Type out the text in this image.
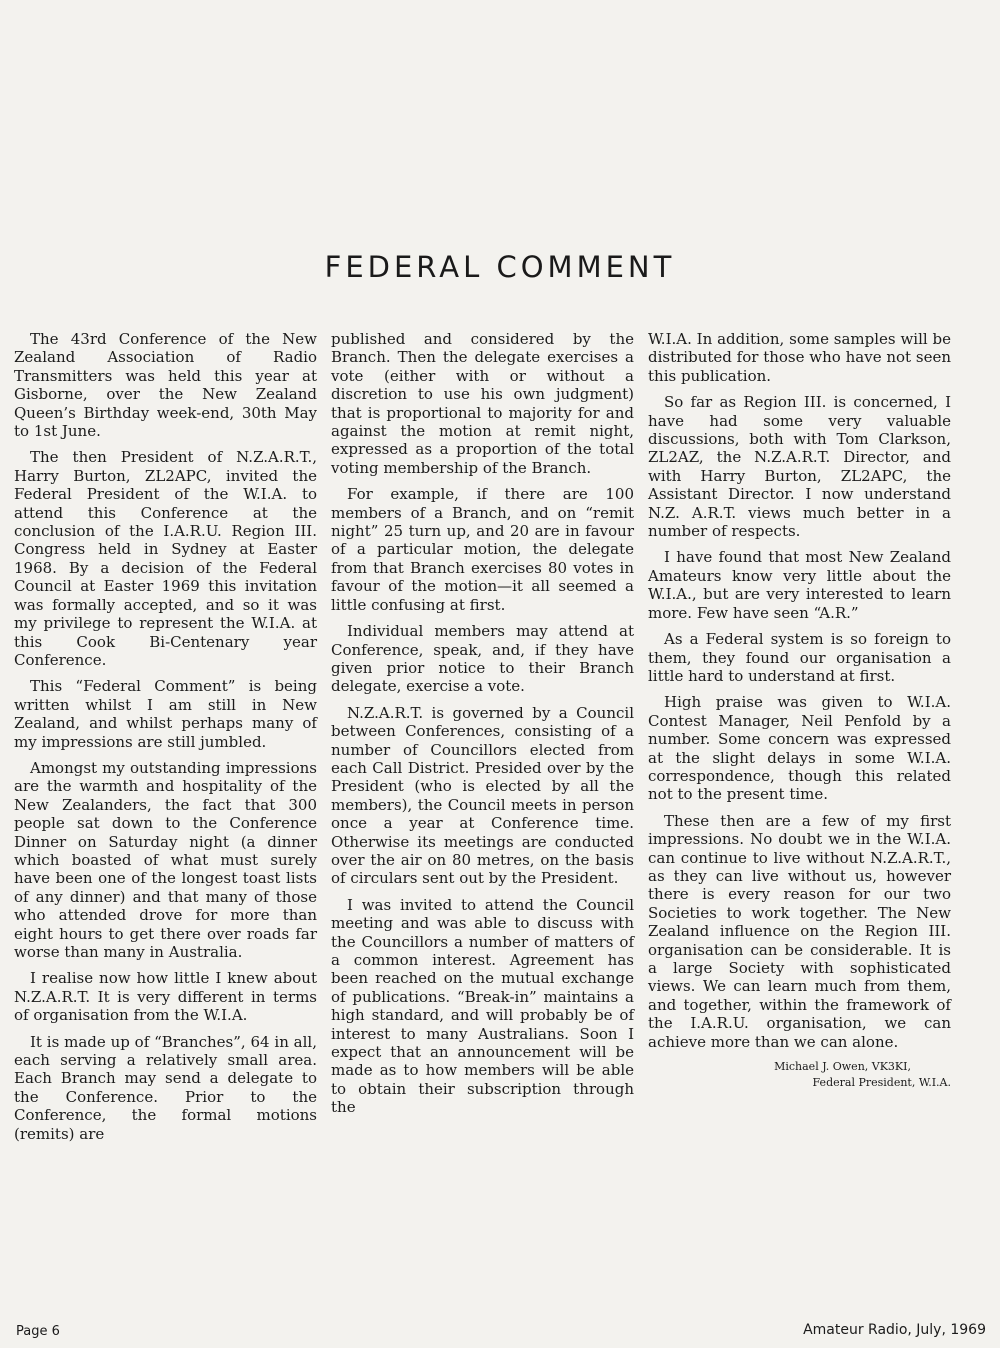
FEDERAL COMMENT

The 43rd Conference of the New Zealand Association of Radio Transmitters was held this year at Gisborne, over the New Zealand Queen’s Birthday week-end, 30th May to 1st June.

The then President of N.Z.A.R.T., Harry Burton, ZL2APC, invited the Federal President of the W.I.A. to attend this Conference at the conclusion of the I.A.R.U. Region III. Congress held in Sydney at Easter 1968. By a decision of the Federal Council at Easter 1969 this invitation was formally accepted, and so it was my privilege to represent the W.I.A. at this Cook Bi-Centenary year Conference.

This “Federal Comment” is being written whilst I am still in New Zealand, and whilst perhaps many of my impressions are still jumbled.

Amongst my outstanding impressions are the warmth and hospitality of the New Zealanders, the fact that 300 people sat down to the Conference Dinner on Saturday night (a dinner which boasted of what must surely have been one of the longest toast lists of any dinner) and that many of those who attended drove for more than eight hours to get there over roads far worse than many in Australia.

I realise now how little I knew about N.Z.A.R.T. It is very different in terms of organisation from the W.I.A.

It is made up of “Branches”, 64 in all, each serving a relatively small area. Each Branch may send a delegate to the Conference. Prior to the Conference, the formal motions (remits) are

published and considered by the Branch. Then the delegate exercises a vote (either with or without a discretion to use his own judgment) that is proportional to majority for and against the motion at remit night, expressed as a proportion of the total voting membership of the Branch.

For example, if there are 100 members of a Branch, and on “remit night” 25 turn up, and 20 are in favour of a particular motion, the delegate from that Branch exercises 80 votes in favour of the motion—it all seemed a little confusing at first.

Individual members may attend at Conference, speak, and, if they have given prior notice to their Branch delegate, exercise a vote.

N.Z.A.R.T. is governed by a Council between Conferences, consisting of a number of Councillors elected from each Call District. Presided over by the President (who is elected by all the members), the Council meets in person once a year at Conference time. Otherwise its meetings are conducted over the air on 80 metres, on the basis of circulars sent out by the President.

I was invited to attend the Council meeting and was able to discuss with the Councillors a number of matters of a common interest. Agreement has been reached on the mutual exchange of publications. “Break-in” maintains a high standard, and will probably be of interest to many Australians. Soon I expect that an announcement will be made as to how members will be able to obtain their subscription through the

W.I.A. In addition, some samples will be distributed for those who have not seen this publication.

So far as Region III. is concerned, I have had some very valuable discussions, both with Tom Clarkson, ZL2AZ, the N.Z.A.R.T. Director, and with Harry Burton, ZL2APC, the Assistant Director. I now understand N.Z. A.R.T. views much better in a number of respects.

I have found that most New Zealand Amateurs know very little about the W.I.A., but are very interested to learn more. Few have seen “A.R.”

As a Federal system is so foreign to them, they found our organisation a little hard to understand at first.

High praise was given to W.I.A. Contest Manager, Neil Penfold by a number. Some concern was expressed at the slight delays in some W.I.A. correspondence, though this related not to the present time.

These then are a few of my first impressions. No doubt we in the W.I.A. can continue to live without N.Z.A.R.T., as they can live without us, however there is every reason for our two Societies to work together. The New Zealand influence on the Region III. organisation can be considerable. It is a large Society with sophisticated views. We can learn much from them, and together, within the framework of the I.A.R.U. organisation, we can achieve more than we can alone.

Michael J. Owen, VK3KI,
Federal President, W.I.A.
Page 6	Amateur Radio, July, 1969
